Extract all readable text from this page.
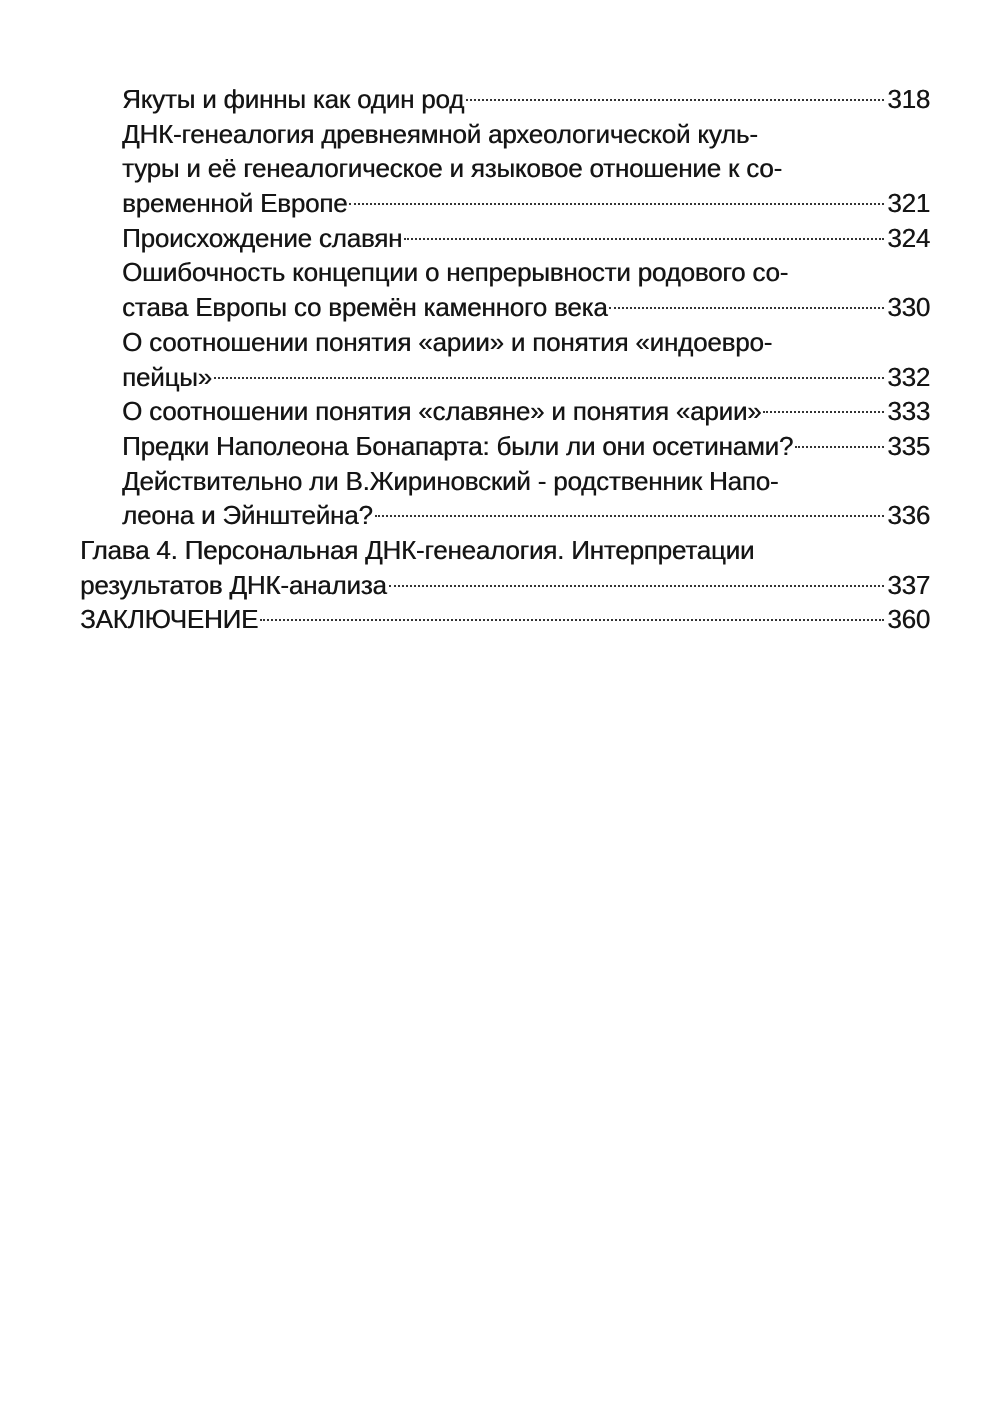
Якуты и финны как один род	318
ДНК-генеалогия древнеямной археологической куль-
туры и её генеалогическое и языковое отношение к со-
временной Европе	321
Происхождение славян	324
Ошибочность концепции о непрерывности родового со-
става Европы со времён каменного века	330
О соотношении понятия «арии» и понятия «индоевро-
пейцы»	332
О соотношении понятия «славяне» и понятия «арии»	333
Предки Наполеона Бонапарта: были ли они осетинами?	335
Действительно ли В.Жириновский - родственник Напо-
леона и Эйнштейна?	336
Глава 4. Персональная ДНК-генеалогия. Интерпретации
результатов ДНК-анализа	337
ЗАКЛЮЧЕНИЕ	360
